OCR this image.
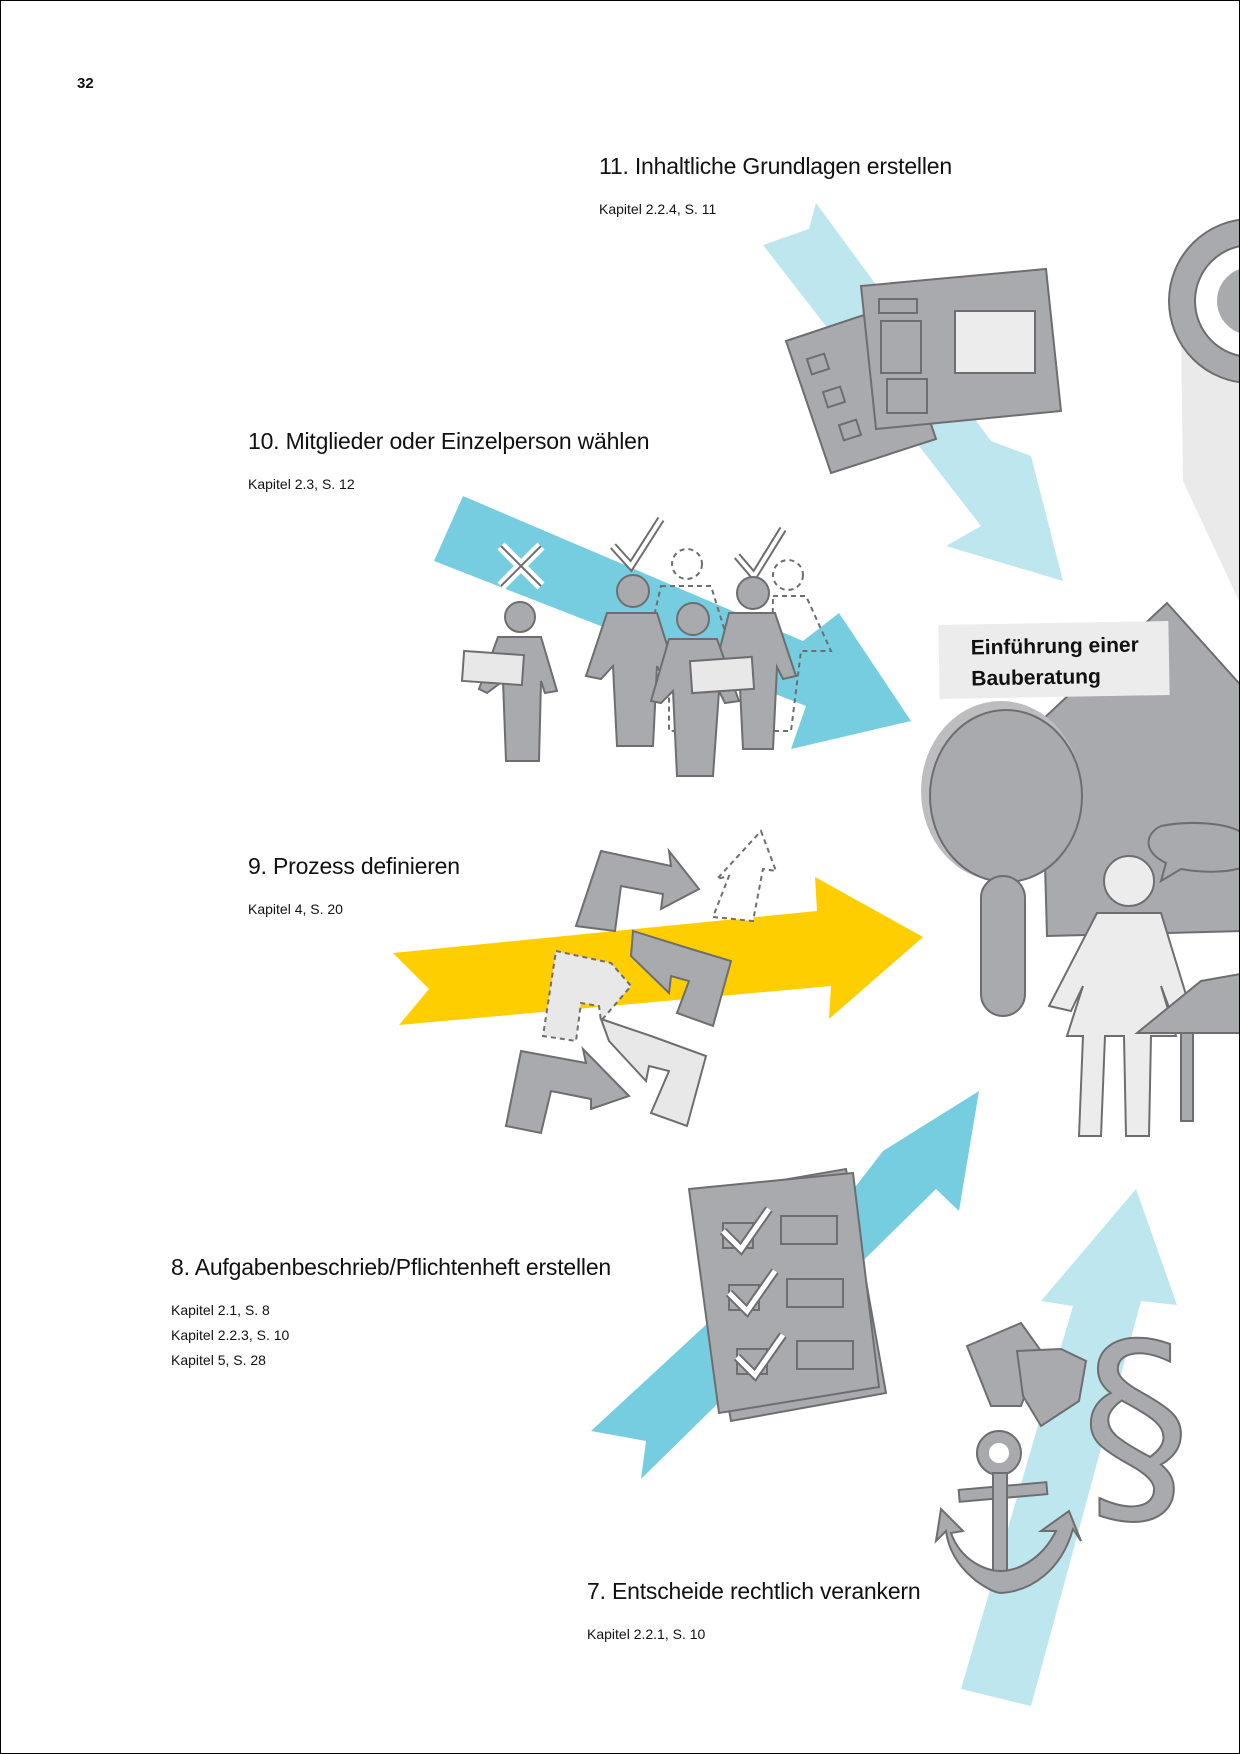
§
32
Einführung einer Bauberatung
11. Inhaltliche Grundlagen erstellen
Kapitel 2.2.4, S. 11
10. Mitglieder oder Einzelperson wählen
Kapitel 2.3, S. 12
9. Prozess definieren
Kapitel 4, S. 20
8. Aufgabenbeschrieb/Pflichtenheft erstellen
Kapitel 2.1, S. 8
Kapitel 2.2.3, S. 10
Kapitel 5, S. 28
7. Entscheide rechtlich verankern
Kapitel 2.2.1, S. 10
